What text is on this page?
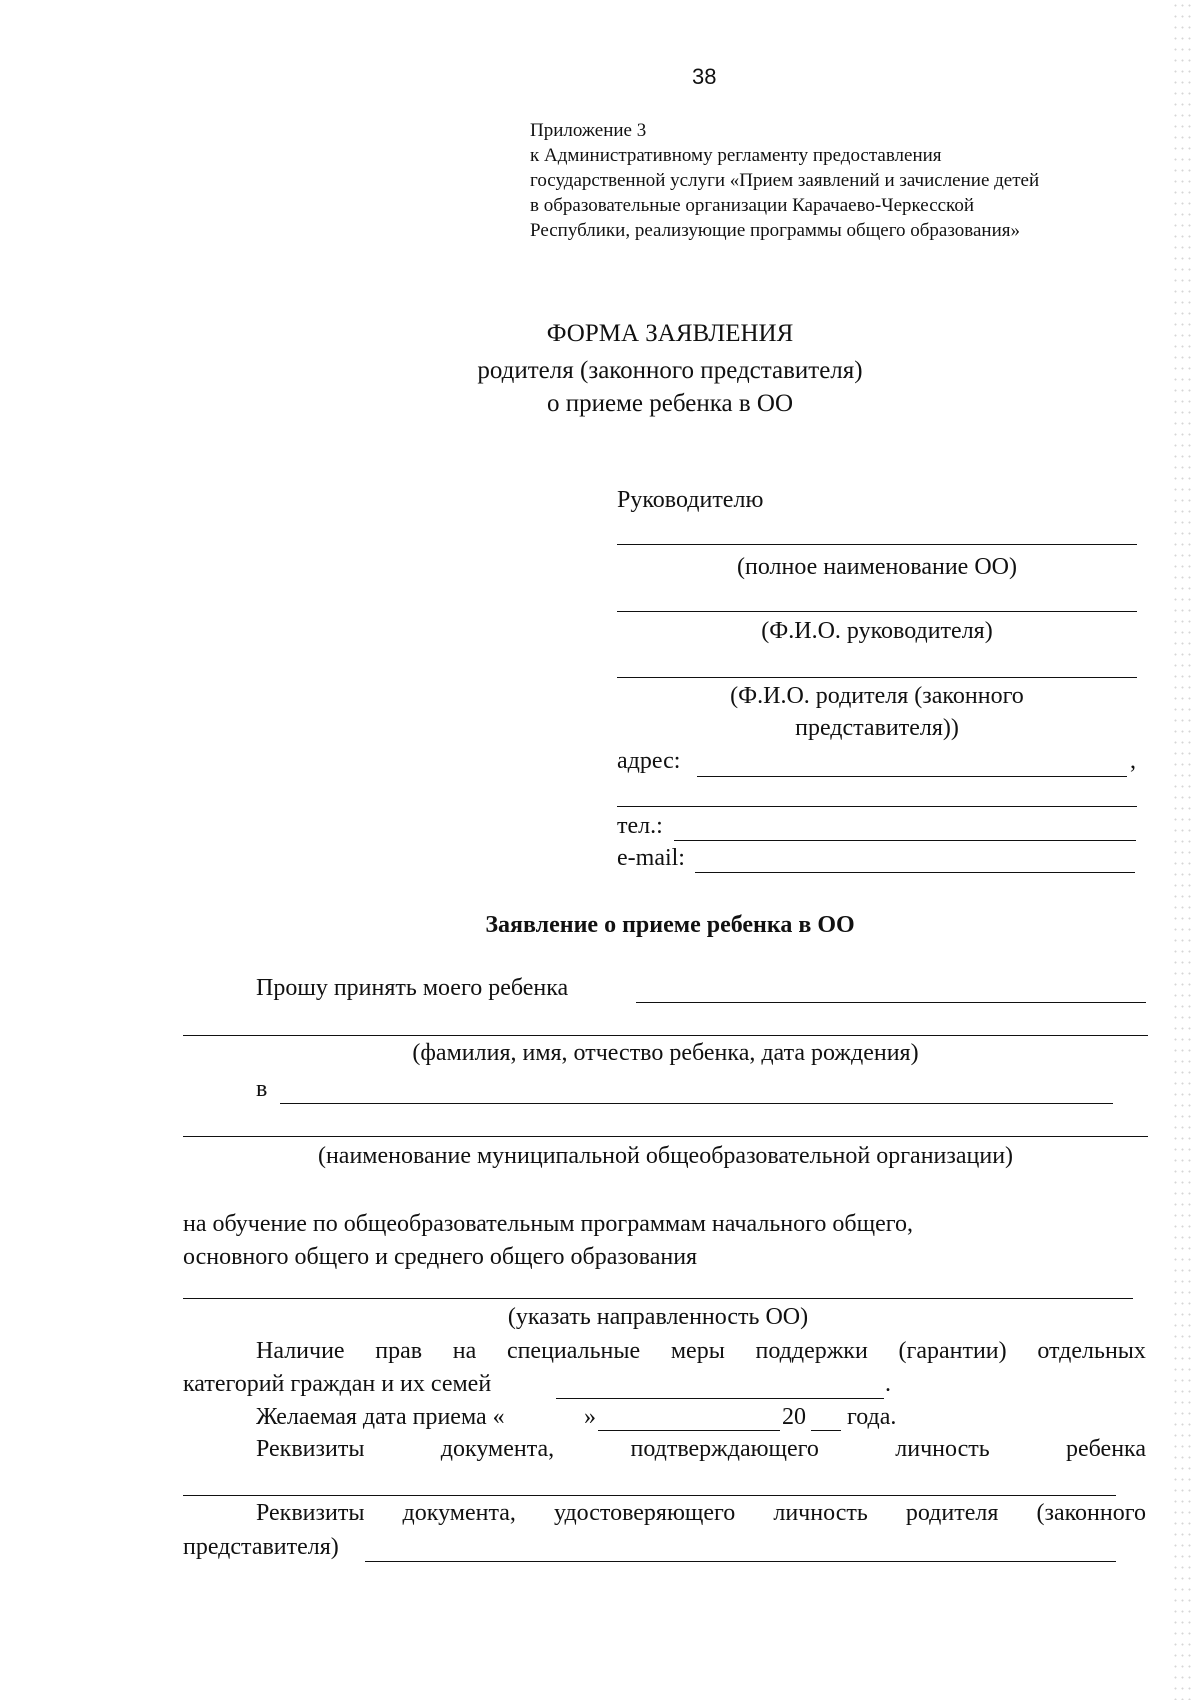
38
Приложение 3
к Административному регламенту предоставления
государственной услуги «Прием заявлений и зачисление детей
в образовательные организации Карачаево-Черкесской
Республики, реализующие программы общего образования»
ФОРМА ЗАЯВЛЕНИЯ
родителя (законного представителя)
о приеме ребенка в ОО
Руководителю
(полное наименование ОО)
(Ф.И.О. руководителя)
(Ф.И.О. родителя (законного
представителя))
адрес:	,
тел.:
e-mail:
Заявление о приеме ребенка в ОО
Прошу принять моего ребенка
(фамилия, имя, отчество ребенка, дата рождения)
в
(наименование муниципальной общеобразовательной организации)
на обучение по общеобразовательным программам начального общего,
основного общего и среднего общего образования
(указать направленность ОО)
Наличие прав на специальные меры поддержки (гарантии) отдельных
категорий граждан и их семей	.
Желаемая дата приема «	»	20 года.
Реквизиты	документа,	подтверждающего	личность	ребенка
Реквизиты документа, удостоверяющего личность родителя (законного
представителя)
